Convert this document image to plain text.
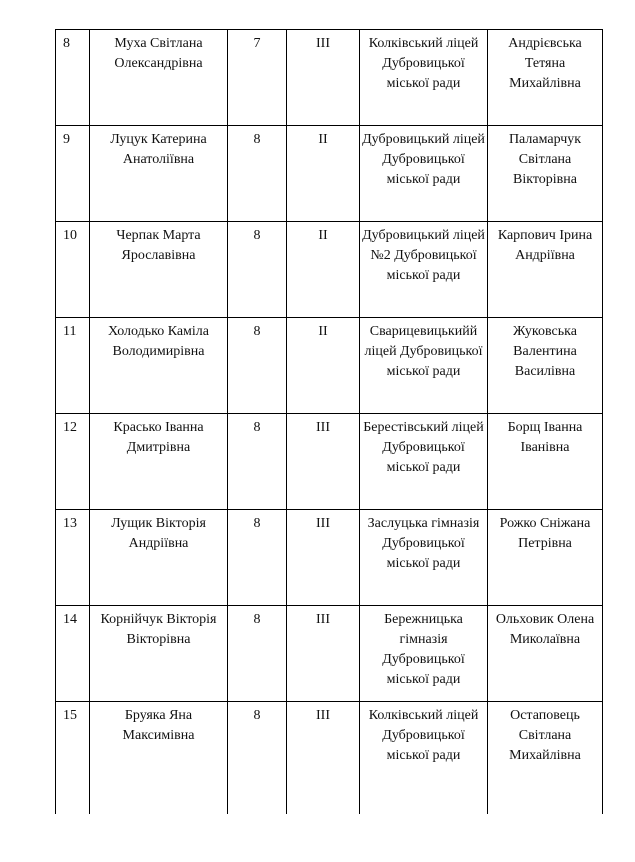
8	Муха Світлана Олександрівна	7	ІІІ	Колківський ліцей Дубровицької міської ради	Андрієвська Тетяна Михайлівна
9	Луцук Катерина Анатоліївна	8	ІІ	Дубровицький ліцей Дубровицької міської ради	Паламарчук Світлана Вікторівна
10	Черпак Марта Ярославівна	8	ІІ	Дубровицький ліцей №2 Дубровицької міської ради	Карпович Ірина Андріївна
11	Холодько Каміла Володимирівна	8	ІІ	Сварицевицькийй ліцей Дубровицької міської ради	Жуковська Валентина Василівна
12	Красько Іванна Дмитрівна	8	ІІІ	Берестівський ліцей Дубровицької міської ради	Борщ Іванна Іванівна
13	Лущик Вікторія Андріївна	8	ІІІ	Заслуцька гімназія Дубровицької міської ради	Рожко Сніжана Петрівна
14	Корнійчук Вікторія Вікторівна	8	ІІІ	Бережницька гімназія Дубровицької міської ради	Ольховик Олена Миколаївна
15	Бруяка Яна Максимівна	8	ІІІ	Колківський ліцей Дубровицької міської ради	Остаповець Світлана Михайлівна
